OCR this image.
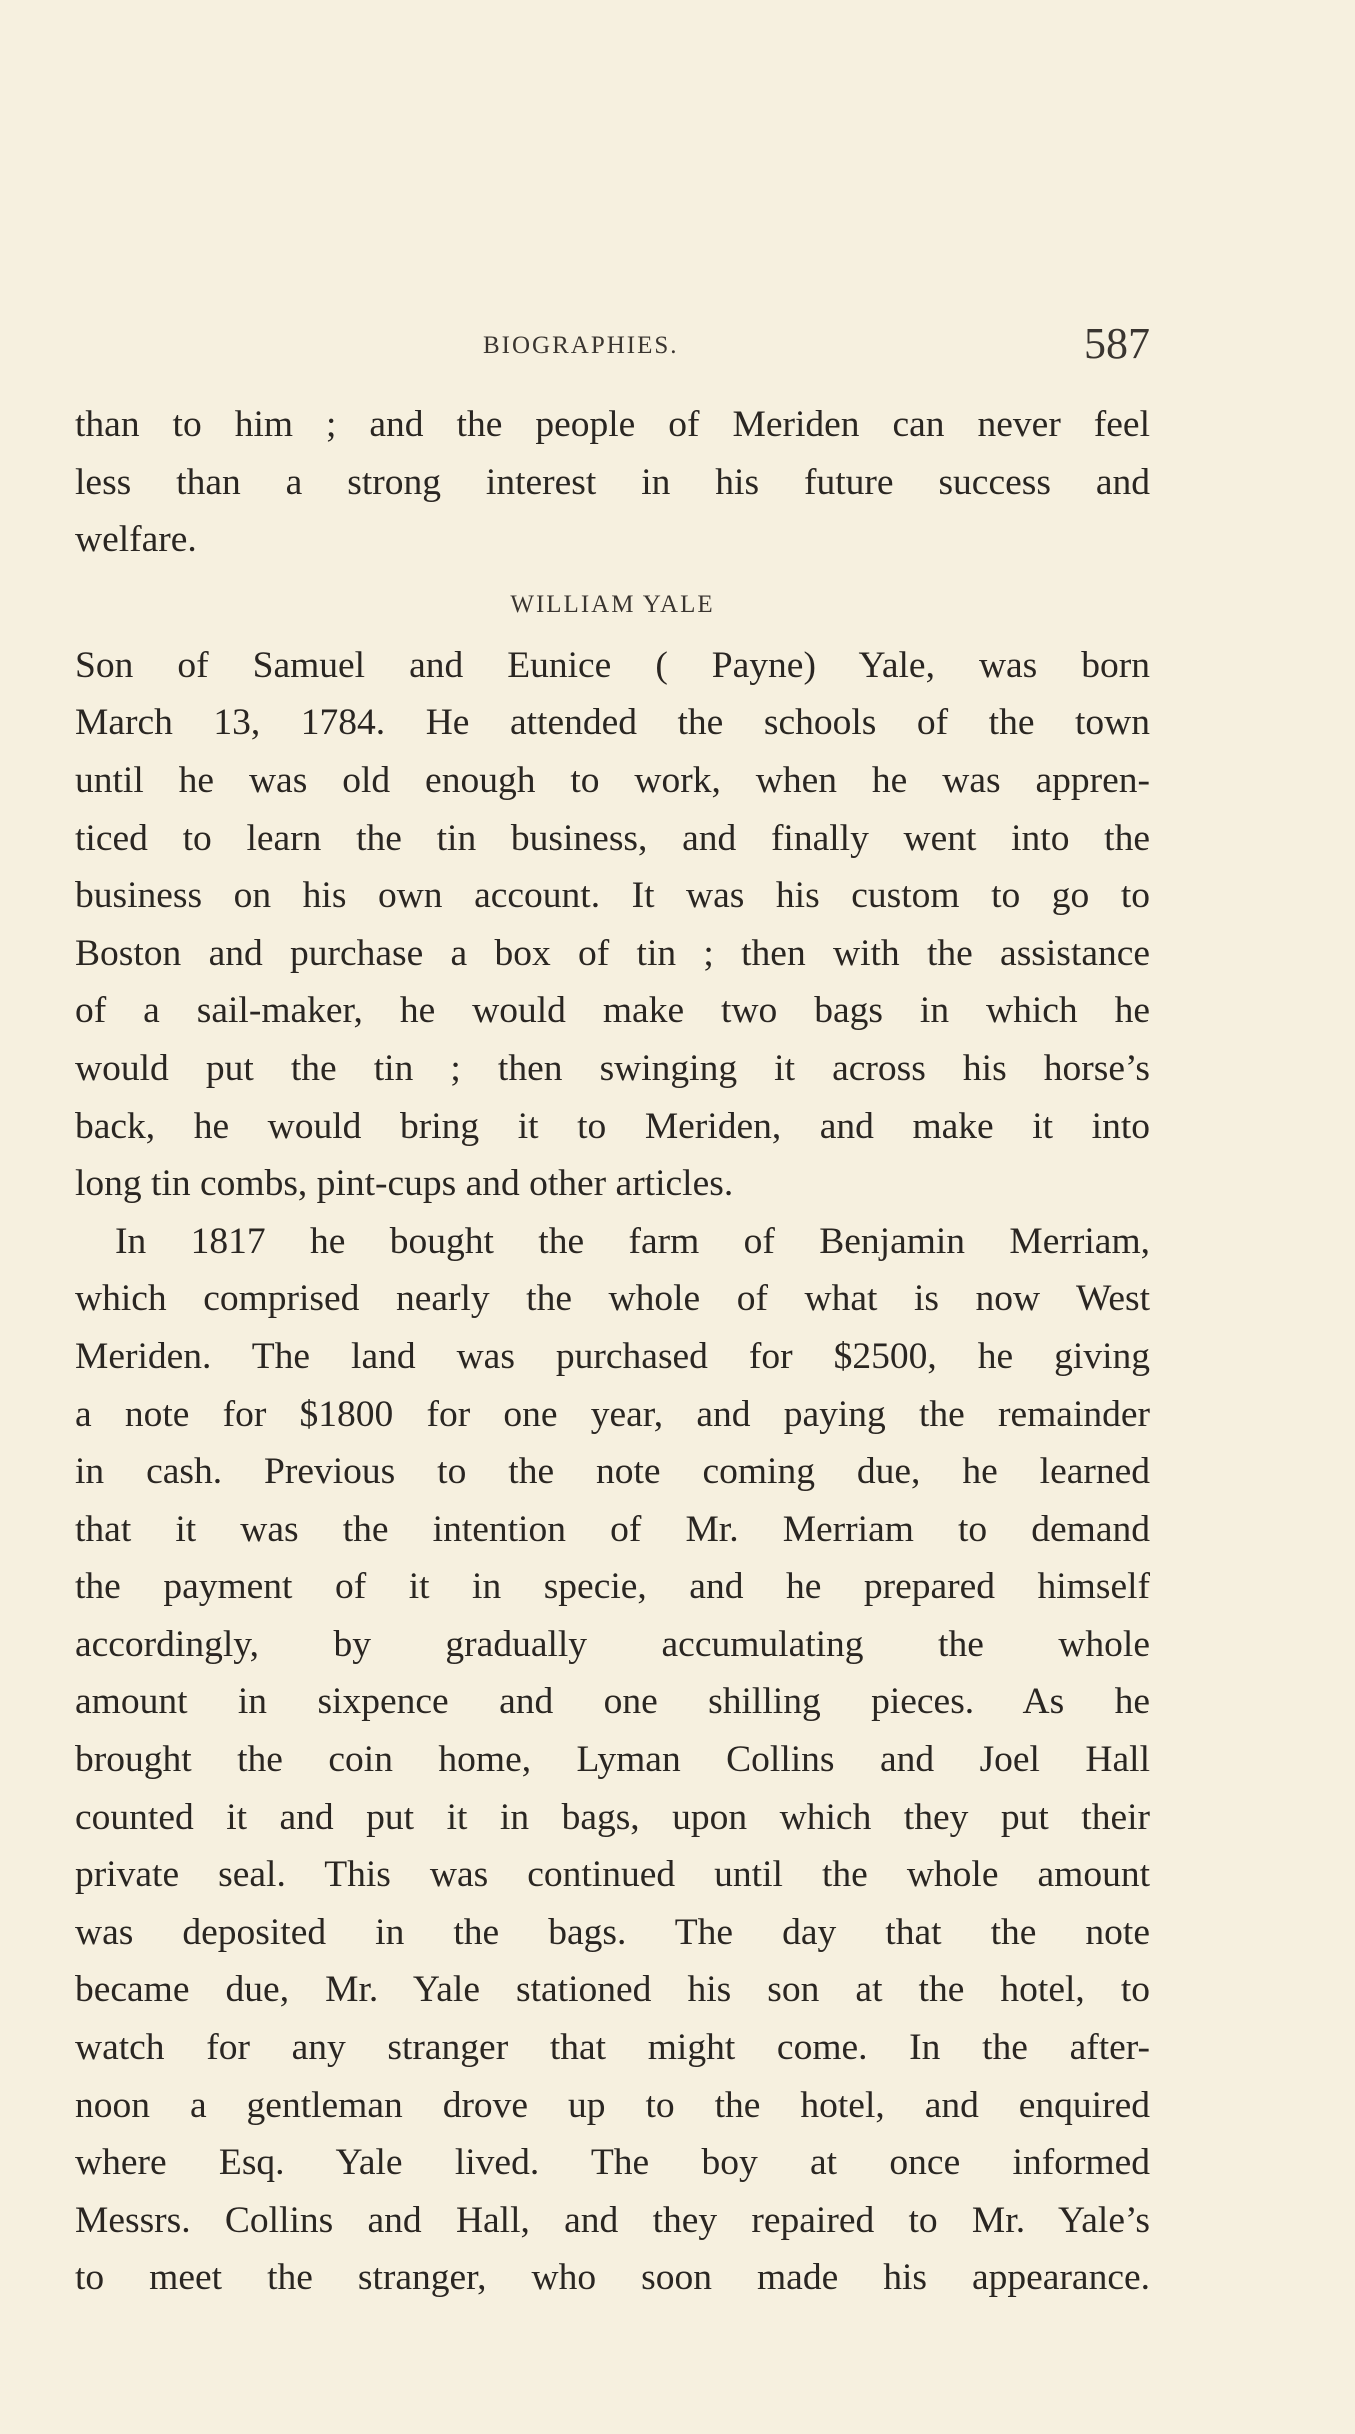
BIOGRAPHIES.	587
than to him ; and the people of Meriden can never feel
less than a strong interest in his future success and
welfare.
WILLIAM YALE
Son of Samuel and Eunice ( Payne) Yale, was born
March 13, 1784. He attended the schools of the town
until he was old enough to work, when he was appren-
ticed to learn the tin business, and finally went into the
business on his own account. It was his custom to go to
Boston and purchase a box of tin ; then with the assistance
of a sail-maker, he would make two bags in which he
would put the tin ; then swinging it across his horse’s
back, he would bring it to Meriden, and make it into
long tin combs, pint-cups and other articles.
In 1817 he bought the farm of Benjamin Merriam,
which comprised nearly the whole of what is now West
Meriden. The land was purchased for $2500, he giving
a note for $1800 for one year, and paying the remainder
in cash. Previous to the note coming due, he learned
that it was the intention of Mr. Merriam to demand
the payment of it in specie, and he prepared himself
accordingly, by gradually accumulating the whole
amount in sixpence and one shilling pieces. As he
brought the coin home, Lyman Collins and Joel Hall
counted it and put it in bags, upon which they put their
private seal. This was continued until the whole amount
was deposited in the bags. The day that the note
became due, Mr. Yale stationed his son at the hotel, to
watch for any stranger that might come. In the after-
noon a gentleman drove up to the hotel, and enquired
where Esq. Yale lived. The boy at once informed
Messrs. Collins and Hall, and they repaired to Mr. Yale’s
to meet the stranger, who soon made his appearance.
